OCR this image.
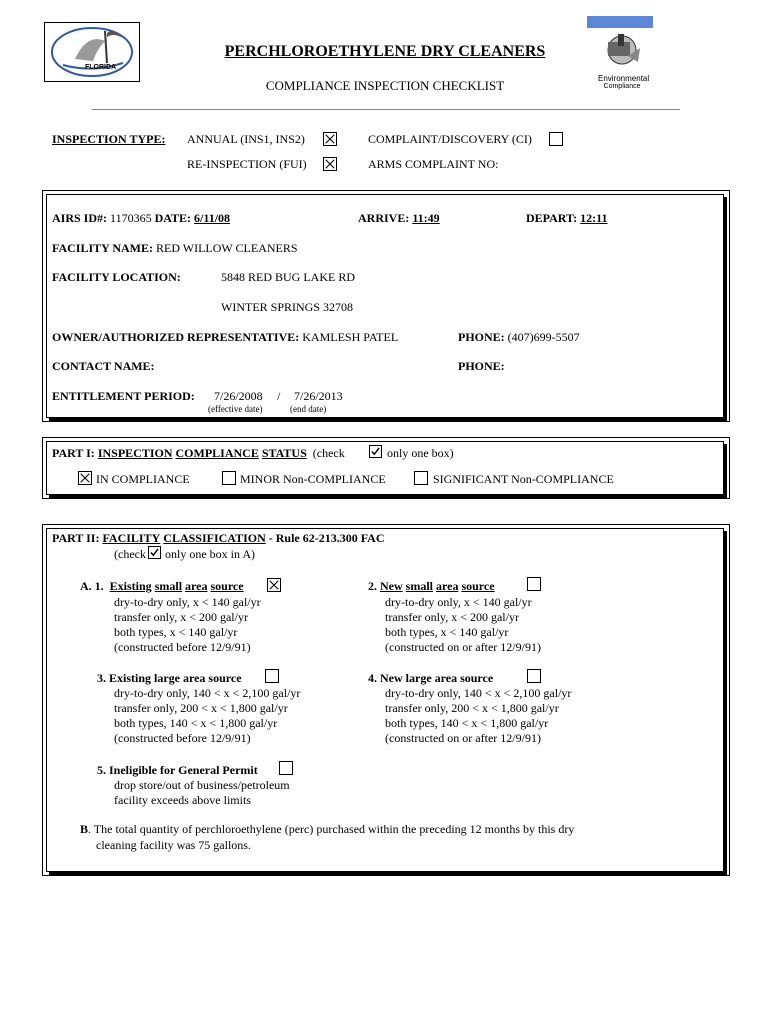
FLORIDA
PERCHLOROETHYLENE DRY CLEANERS
COMPLIANCE INSPECTION CHECKLIST	Environmental
Compliance
INSPECTION TYPE: ANNUAL (INS1, INS2)	COMPLAINT/DISCOVERY (CI)
RE-INSPECTION (FUI)	ARMS COMPLAINT NO:
AIRS ID#: 1170365 DATE: 6/11/08	ARRIVE: 11:49	DEPART: 12:11
FACILITY NAME: RED WILLOW CLEANERS
FACILITY LOCATION:	5848 RED BUG LAKE RD
WINTER SPRINGS 32708
OWNER/AUTHORIZED REPRESENTATIVE: KAMLESH PATEL	PHONE: (407)699-5507
CONTACT NAME:	PHONE:
ENTITLEMENT PERIOD: 7/26/2008 / 7/26/2013
(effective date)	(end date)
PART I: INSPECTION COMPLIANCE STATUS (check	only one box)
IN COMPLIANCE	MINOR Non-COMPLIANCE	SIGNIFICANT Non-COMPLIANCE
PART II: FACILITY CLASSIFICATION - Rule 62-213.300 FAC
(check only one box in A)
A. 1. Existing small area source
dry-to-dry only, x < 140 gal/yr
transfer only, x < 200 gal/yr
both types, x < 140 gal/yr
(constructed before 12/9/91)
2. New small area source
dry-to-dry only, x < 140 gal/yr
transfer only, x < 200 gal/yr
both types, x < 140 gal/yr
(constructed on or after 12/9/91)
3. Existing large area source
dry-to-dry only, 140 < x < 2,100 gal/yr
transfer only, 200 < x < 1,800 gal/yr
both types, 140 < x < 1,800 gal/yr
(constructed before 12/9/91)
4. New large area source
dry-to-dry only, 140 < x < 2,100 gal/yr
transfer only, 200 < x < 1,800 gal/yr
both types, 140 < x < 1,800 gal/yr
(constructed on or after 12/9/91)
5. Ineligible for General Permit
drop store/out of business/petroleum
facility exceeds above limits
B. The total quantity of perchloroethylene (perc) purchased within the preceding 12 months by this dry
cleaning facility was 75 gallons.
